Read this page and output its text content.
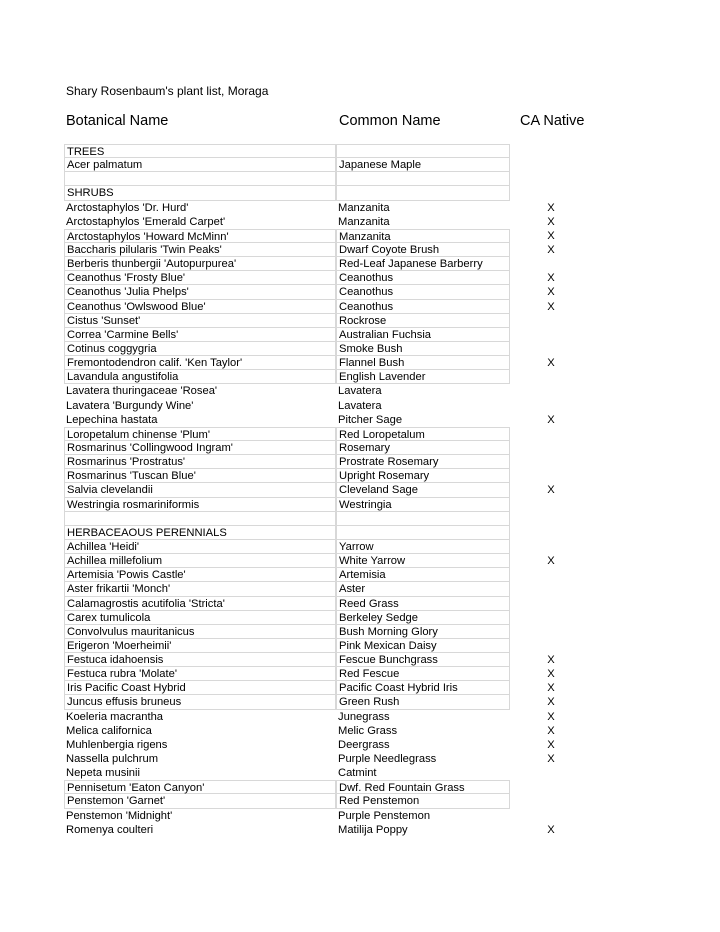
Shary Rosenbaum's plant list, Moraga
Botanical Name	Common Name	CA Native
TREES
Acer palmatum	Japanese Maple
SHRUBS
Arctostaphylos 'Dr. Hurd'	Manzanita	X
Arctostaphylos 'Emerald Carpet'	Manzanita	X
Arctostaphylos 'Howard McMinn'	Manzanita	X
Baccharis pilularis 'Twin Peaks'	Dwarf Coyote Brush	X
Berberis thunbergii 'Autopurpurea'	Red-Leaf Japanese Barberry
Ceanothus 'Frosty Blue'	Ceanothus	X
Ceanothus 'Julia Phelps'	Ceanothus	X
Ceanothus 'Owlswood Blue'	Ceanothus	X
Cistus 'Sunset'	Rockrose
Correa 'Carmine Bells'	Australian Fuchsia
Cotinus coggygria	Smoke Bush
Fremontodendron calif. 'Ken Taylor'	Flannel Bush	X
Lavandula angustifolia	English Lavender
Lavatera thuringaceae 'Rosea'	Lavatera
Lavatera 'Burgundy Wine'	Lavatera
Lepechina hastata	Pitcher Sage	X
Loropetalum chinense 'Plum'	Red Loropetalum
Rosmarinus 'Collingwood Ingram'	Rosemary
Rosmarinus 'Prostratus'	Prostrate Rosemary
Rosmarinus 'Tuscan Blue'	Upright Rosemary
Salvia clevelandii	Cleveland Sage	X
Westringia rosmariniformis	Westringia
HERBACEAOUS PERENNIALS
Achillea 'Heidi'	Yarrow
Achillea millefolium	White Yarrow	X
Artemisia 'Powis Castle'	Artemisia
Aster frikartii 'Monch'	Aster
Calamagrostis acutifolia 'Stricta'	Reed Grass
Carex tumulicola	Berkeley Sedge
Convolvulus mauritanicus	Bush Morning Glory
Erigeron 'Moerheimii'	Pink Mexican Daisy
Festuca idahoensis	Fescue Bunchgrass	X
Festuca rubra 'Molate'	Red Fescue	X
Iris Pacific Coast Hybrid	Pacific Coast Hybrid Iris	X
Juncus effusis bruneus	Green Rush	X
Koeleria macrantha	Junegrass	X
Melica californica	Melic Grass	X
Muhlenbergia rigens	Deergrass	X
Nassella pulchrum	Purple Needlegrass	X
Nepeta musinii	Catmint
Pennisetum 'Eaton Canyon'	Dwf. Red Fountain Grass
Penstemon 'Garnet'	Red Penstemon
Penstemon 'Midnight'	Purple Penstemon
Romenya coulteri	Matilija Poppy	X
